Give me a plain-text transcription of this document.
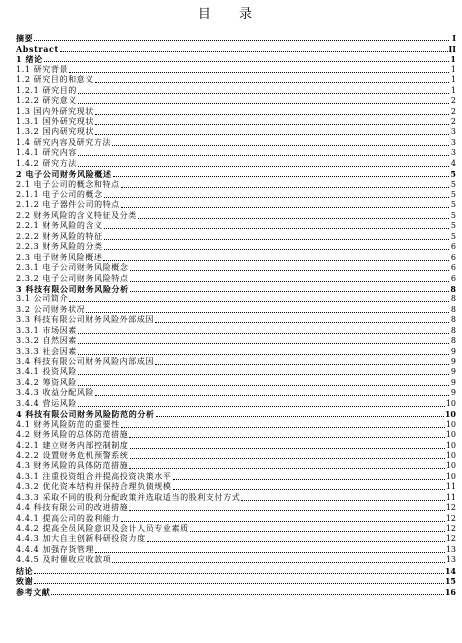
目 录
摘要	I
Abstract	II
1 绪论	1
1.1 研究背景	1
1.2 研究目的和意义	1
1.2.1 研究目的	1
1.2.2 研究意义	2
1.3 国内外研究现状	2
1.3.1 国外研究现状	2
1.3.2 国内研究现状	3
1.4 研究内容及研究方法	3
1.4.1 研究内容	3
1.4.2 研究方法	4
2 电子公司财务风险概述	5
2.1 电子公司的概念和特点	5
2.1.1 电子公司的概念	5
2.1.2 电子器件公司的特点	5
2.2 财务风险的含义特征及分类	5
2.2.1 财务风险的含义	5
2.2.2 财务风险的特征	5
2.2.3 财务风险的分类	6
2.3 电子财务风险概述	6
2.3.1 电子公司财务风险概念	6
2.3.2 电子公司财务风险特点	6
3 科技有限公司财务风险分析	8
3.1 公司简介	8
3.2 公司财务状况	8
3.3 科技有限公司财务风险外部成因	8
3.3.1 市场因素	8
3.3.2 自然因素	8
3.3.3 社会因素	9
3.4 科技有限公司财务风险内部成因	9
3.4.1 投资风险	9
3.4.2 筹资风险	9
3.4.3 收益分配风险	9
3.4.4 营运风险	10
4 科技有限公司财务风险防范的分析	10
4.1 财务风险防范的重要性	10
4.2 财务风险的总体防范措施	10
4.2.1 建立财务内部控制制度	10
4.2.2 设置财务危机预警系统	10
4.3 财务风险的具体防范措施	10
4.3.1 注重投资组合并提高投资决策水平	10
4.3.2 优化资本结构并保持合理负债规模	11
4.3.3 采取不同的股利分配政策并选取适当的股利支付方式	11
4.4 科技有限公司的改进措施	12
4.4.1 提高公司的盈利能力	12
4.4.2 提高全员风险意识及会计人员专业素质	12
4.4.3 加大自主创新科研投资力度	12
4.4.4 加强存货管理	13
4.4.5 及时催收应收款项	13
结论	14
致谢	15
参考文献	16
